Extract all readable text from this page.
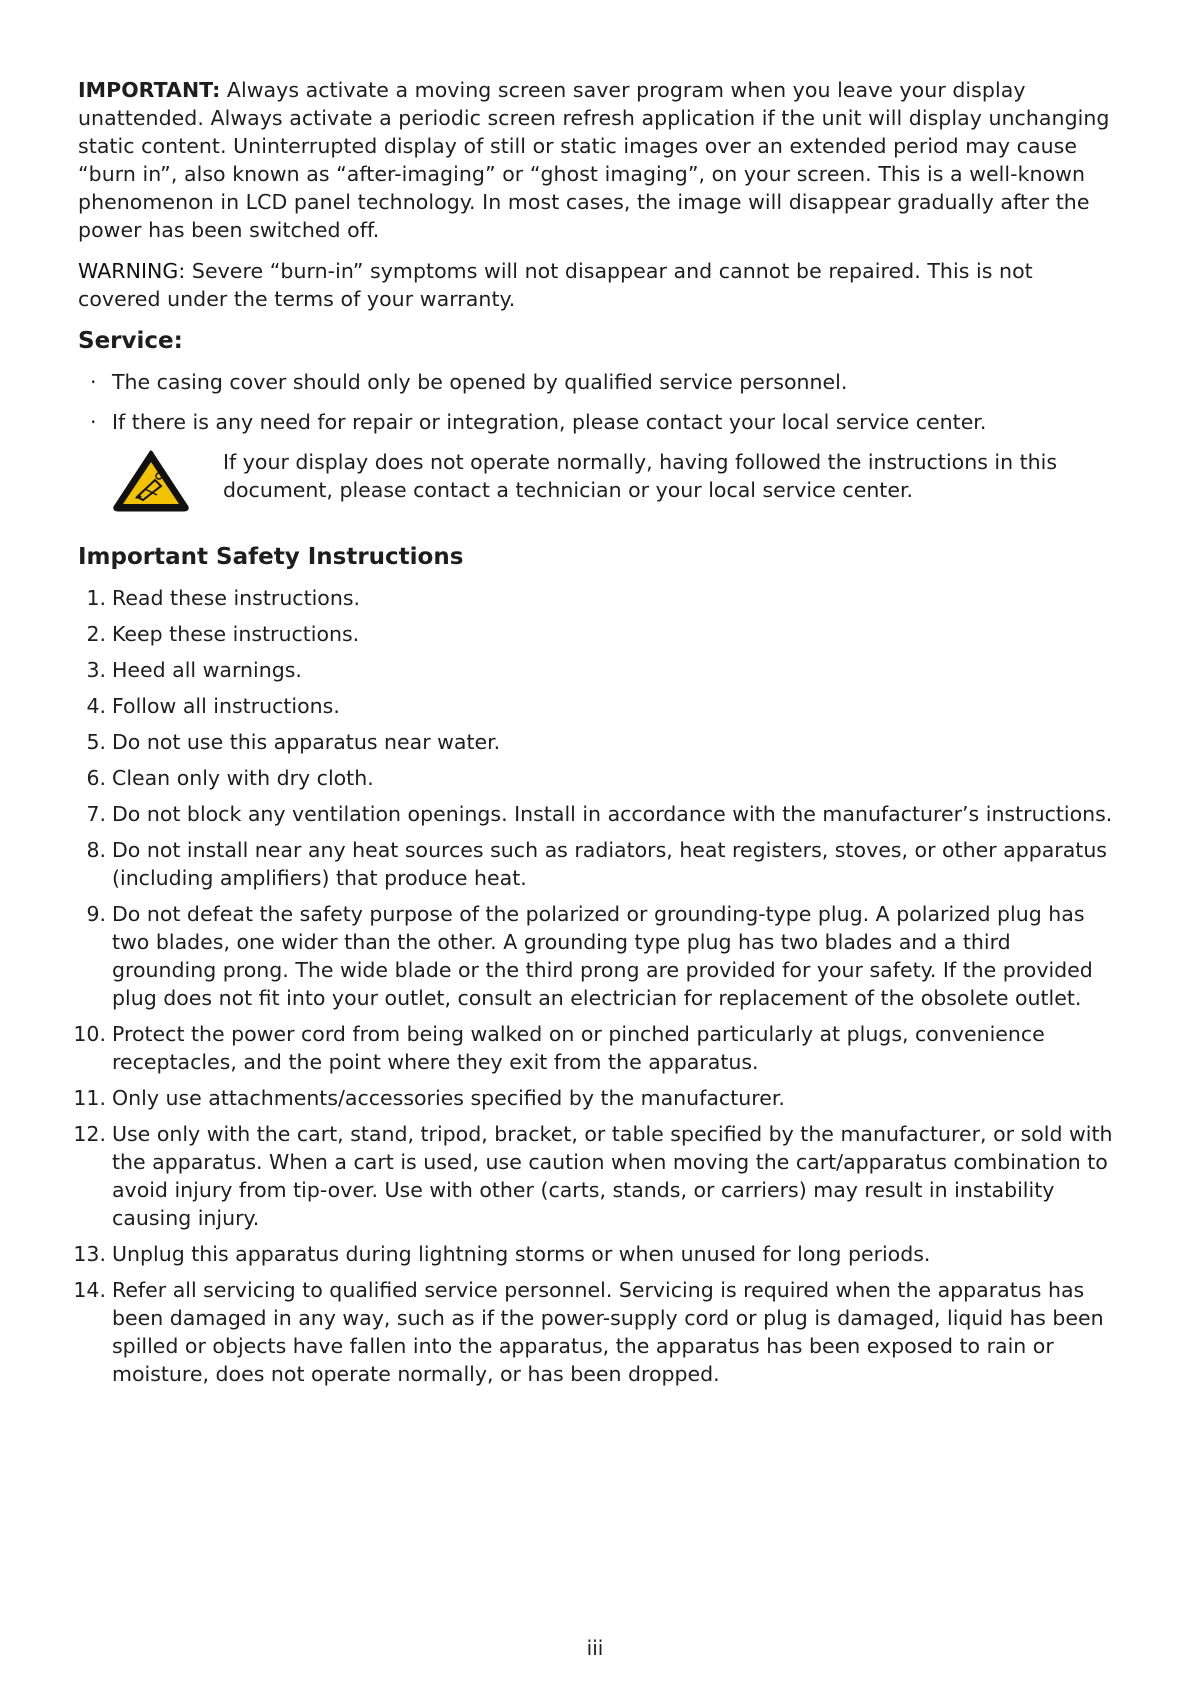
IMPORTANT: Always activate a moving screen saver program when you leave your display unattended. Always activate a periodic screen refresh application if the unit will display unchanging static content. Uninterrupted display of still or static images over an extended period may cause “burn in”, also known as “after-imaging” or “ghost imaging”, on your screen. This is a well-known phenomenon in LCD panel technology. In most cases, the image will disappear gradually after the power has been switched off.

WARNING: Severe “burn-in” symptoms will not disappear and cannot be repaired. This is not covered under the terms of your warranty.

Service:
· The casing cover should only be opened by qualified service personnel.
· If there is any need for repair or integration, please contact your local service center.
If your display does not operate normally, having followed the instructions in this document, please contact a technician or your local service center.
Important Safety Instructions
1. Read these instructions.
2. Keep these instructions.
3. Heed all warnings.
4. Follow all instructions.
5. Do not use this apparatus near water.
6. Clean only with dry cloth.
7. Do not block any ventilation openings. Install in accordance with the manufacturer’s instructions.
8. Do not install near any heat sources such as radiators, heat registers, stoves, or other apparatus (including amplifiers) that produce heat.
9. Do not defeat the safety purpose of the polarized or grounding-type plug. A polarized plug has two blades, one wider than the other. A grounding type plug has two blades and a third grounding prong. The wide blade or the third prong are provided for your safety. If the provided plug does not fit into your outlet, consult an electrician for replacement of the obsolete outlet.
10. Protect the power cord from being walked on or pinched particularly at plugs, convenience receptacles, and the point where they exit from the apparatus.
11. Only use attachments/accessories specified by the manufacturer.
12. Use only with the cart, stand, tripod, bracket, or table specified by the manufacturer, or sold with the apparatus. When a cart is used, use caution when moving the cart/apparatus combination to avoid injury from tip-over. Use with other (carts, stands, or carriers) may result in instability causing injury.
13. Unplug this apparatus during lightning storms or when unused for long periods.
14. Refer all servicing to qualified service personnel. Servicing is required when the apparatus has been damaged in any way, such as if the power-supply cord or plug is damaged, liquid has been spilled or objects have fallen into the apparatus, the apparatus has been exposed to rain or moisture, does not operate normally, or has been dropped.
iii
